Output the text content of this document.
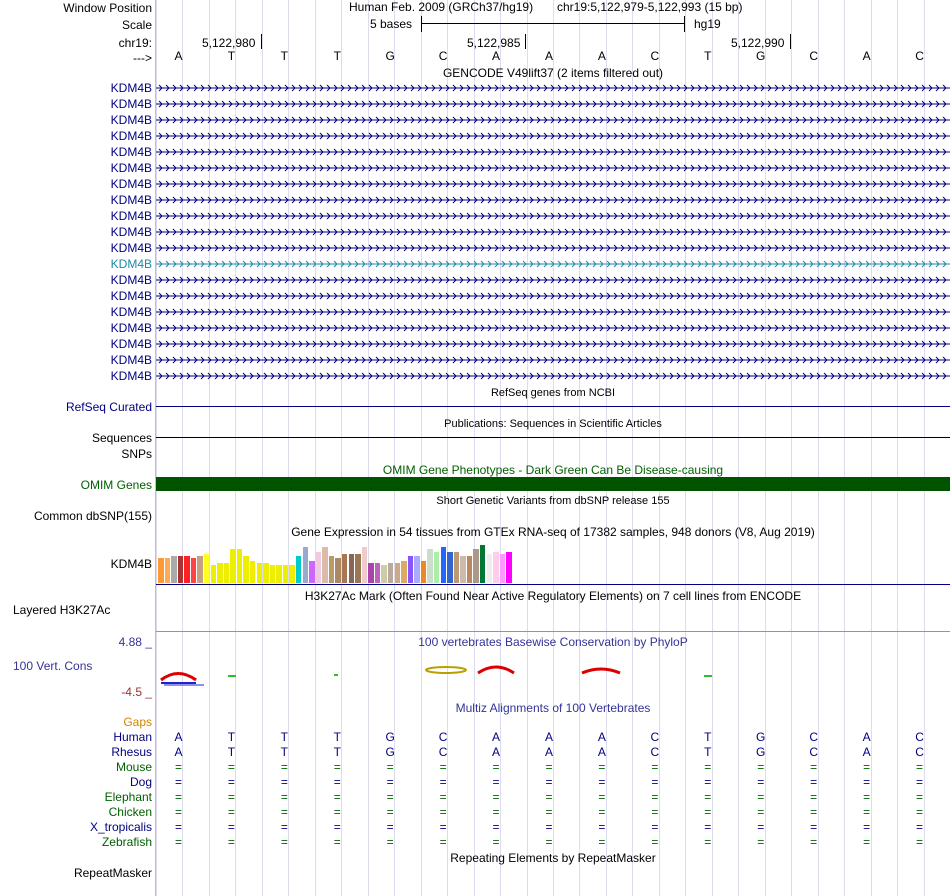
Window Position	Human Feb. 2009 (GRCh37/hg19) chr19:5,122,979-5,122,993 (15 bp)
Scale	5 bases	hg19
chr19:	5,122,980	5,122,985	5,122,990
--->	A	T	T	T	G	C	A	A	A	C	T	G	C	A	C
GENCODE V49lift37 (2 items filtered out)
KDM4B
KDM4B
KDM4B
KDM4B
KDM4B
KDM4B
KDM4B
KDM4B
KDM4B
KDM4B
KDM4B
KDM4B
KDM4B
KDM4B
KDM4B
KDM4B
KDM4B
KDM4B
KDM4B
RefSeq genes from NCBI
RefSeq Curated
Publications: Sequences in Scientific Articles
Sequences
SNPs
OMIM Gene Phenotypes - Dark Green Can Be Disease-causing
OMIM Genes
Short Genetic Variants from dbSNP release 155
Common dbSNP(155)
Gene Expression in 54 tissues from GTEx RNA-seq of 17382 samples, 948 donors (V8, Aug 2019)
KDM4B
H3K27Ac Mark (Often Found Near Active Regulatory Elements) on 7 cell lines from ENCODE
Layered H3K27Ac
100 vertebrates Basewise Conservation by PhyloP
4.88 _
100 Vert. Cons
-4.5 _
Multiz Alignments of 100 Vertebrates
Gaps
Human	A	T	T	T	G	C	A	A	A	C	T	G	C	A	C
Rhesus	A	T	T	T	G	C	A	A	A	C	T	G	C	A	C
Mouse	=	=	=	=	=	=	=	=	=	=	=	=	=	=	=
Dog	=	=	=	=	=	=	=	=	=	=	=	=	=	=	=
Elephant	=	=	=	=	=	=	=	=	=	=	=	=	=	=	=
Chicken	=	=	=	=	=	=	=	=	=	=	=	=	=	=	=
X_tropicalis	=	=	=	=	=	=	=	=	=	=	=	=	=	=	=
Zebrafish	=	=	=	=	=	=	=	=	=	=	=	=	=	=	=
Repeating Elements by RepeatMasker
RepeatMasker
